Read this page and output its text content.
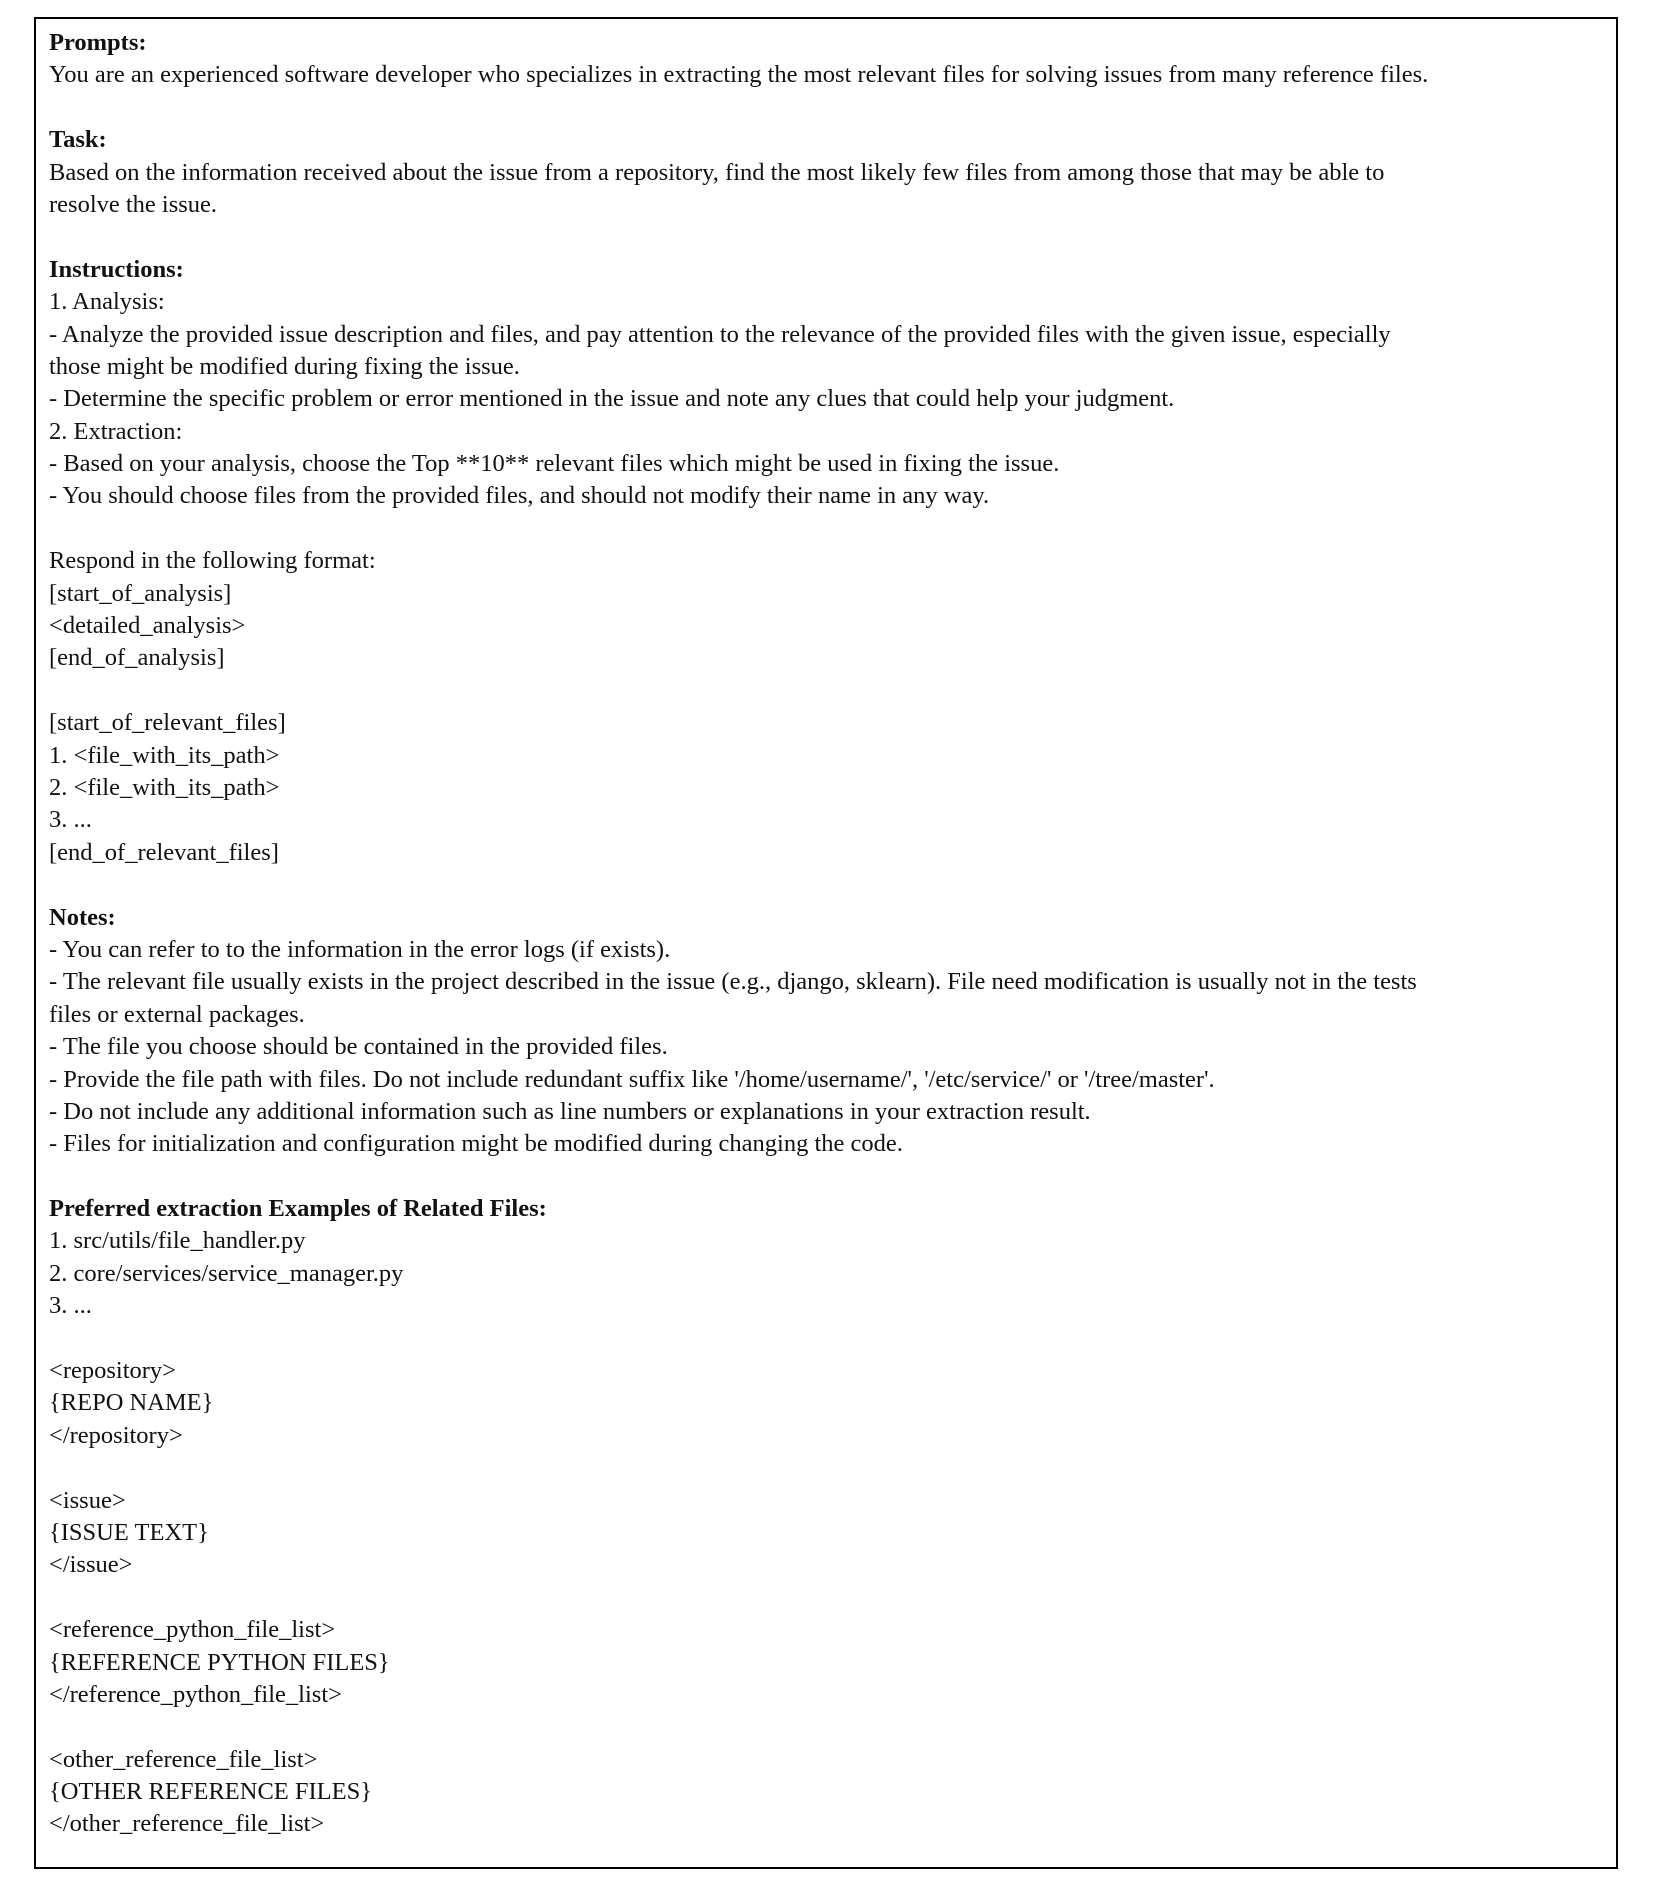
Prompts:
You are an experienced software developer who specializes in extracting the most relevant files for solving issues from many reference files.
Task:
Based on the information received about the issue from a repository, find the most likely few files from among those that may be able to
resolve the issue.
Instructions:
1. Analysis:
- Analyze the provided issue description and files, and pay attention to the relevance of the provided files with the given issue, especially
those might be modified during fixing the issue.
- Determine the specific problem or error mentioned in the issue and note any clues that could help your judgment.
2. Extraction:
- Based on your analysis, choose the Top **10** relevant files which might be used in fixing the issue.
- You should choose files from the provided files, and should not modify their name in any way.
Respond in the following format:
[start_of_analysis]
<detailed_analysis>
[end_of_analysis]
[start_of_relevant_files]
1. <file_with_its_path>
2. <file_with_its_path>
3. ...
[end_of_relevant_files]
Notes:
- You can refer to to the information in the error logs (if exists).
- The relevant file usually exists in the project described in the issue (e.g., django, sklearn). File need modification is usually not in the tests
files or external packages.
- The file you choose should be contained in the provided files.
- Provide the file path with files. Do not include redundant suffix like '/home/username/', '/etc/service/' or '/tree/master'.
- Do not include any additional information such as line numbers or explanations in your extraction result.
- Files for initialization and configuration might be modified during changing the code.
Preferred extraction Examples of Related Files:
1. src/utils/file_handler.py
2. core/services/service_manager.py
3. ...
<repository>
{REPO NAME}
</repository>
<issue>
{ISSUE TEXT}
</issue>
<reference_python_file_list>
{REFERENCE PYTHON FILES}
</reference_python_file_list>
<other_reference_file_list>
{OTHER REFERENCE FILES}
</other_reference_file_list>
